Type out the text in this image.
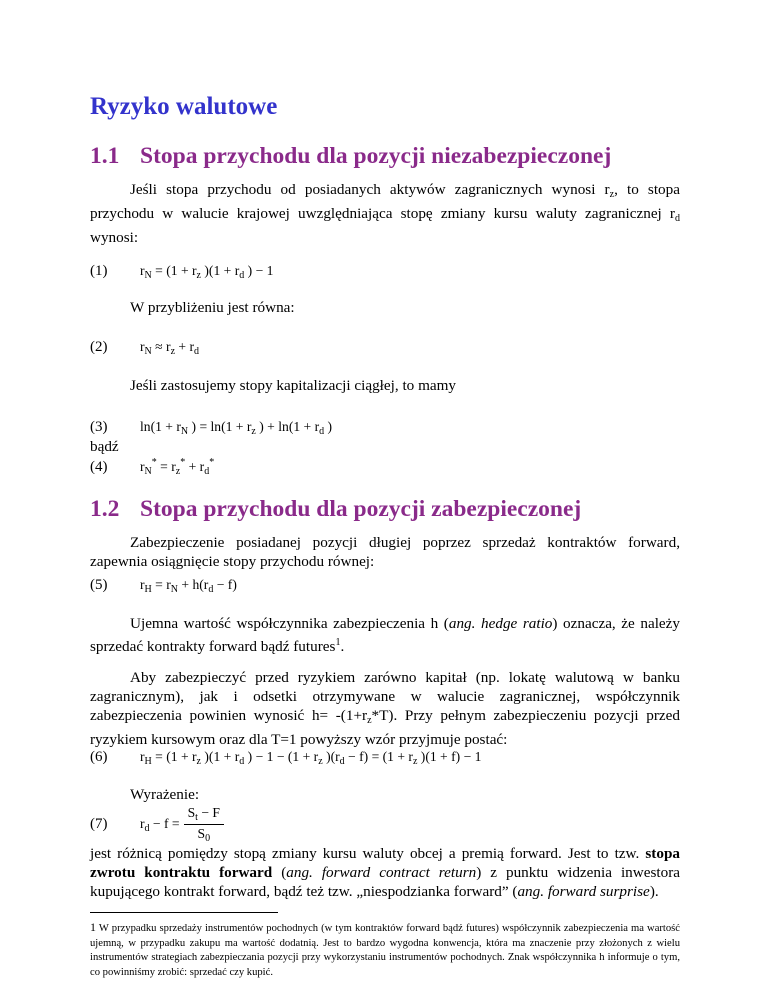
Ryzyko walutowe
1.1 Stopa przychodu dla pozycji niezabezpieczonej

Jeśli stopa przychodu od posiadanych aktywów zagranicznych wynosi $r_z$, to stopa przychodu w walucie krajowej uwzględniająca stopę zmiany kursu waluty zagranicznej $r_d$ wynosi:

(1) $r_N = (1 + r_z$ )($1 + r_d$ ) − 1
W przybliżeniu jest równa:
(2) $r_N \approx r_z + r_d$
Jeśli zastosujemy stopy kapitalizacji ciągłej, to mamy
(3) $\ln(1 + r_N$ ) = $\ln(1 + r_z$ ) + $\ln(1 + r_d$ )
bądź
(4) $r_N^* = r_z^* + r_d^*$
1.2 Stopa przychodu dla pozycji zabezpieczonej

Zabezpieczenie posiadanej pozycji długiej poprzez sprzedaż kontraktów forward, zapewnia osiągnięcie stopy przychodu równej:

(5) $r_H = r_N + h(r_d - f)$

Ujemna wartość współczynnika zabezpieczenia h (ang. hedge ratio) oznacza, że należy sprzedać kontrakty forward bądź futures$^1$.

Aby zabezpieczyć przed ryzykiem zarówno kapitał (np. lokatę walutową w banku zagranicznym), jak i odsetki otrzymywane w walucie zagranicznej, współczynnik zabezpieczenia powinien wynosić $h= -(1+r_z*T)$. Przy pełnym zabezpieczeniu pozycji przed ryzykiem kursowym oraz dla T=1 powyższy wzór przyjmuje postać:

(6) $r_H = (1 + r_z$ )($1 + r_d$ ) − $1 - (1 + r_z$ )$(r_d - f) = (1 + r_z$ )(1 + f) − 1
Wyrażenie:
(7)	$r_d - f = \frac{S_t - F}{S_0}$

jest różnicą pomiędzy stopą zmiany kursu waluty obcej a premią forward. Jest to tzw. stopa zwrotu kontraktu forward (ang. forward contract return) z punktu widzenia inwestora kupującego kontrakt forward, bądź też tzw. „niespodzianka forward” (ang. forward surprise).

1 W przypadku sprzedaży instrumentów pochodnych (w tym kontraktów forward bądź futures) współczynnik zabezpieczenia ma wartość ujemną, w przypadku zakupu ma wartość dodatnią. Jest to bardzo wygodna konwencja, która ma znaczenie przy złożonych z wielu instrumentów strategiach zabezpieczania pozycji przy wykorzystaniu instrumentów pochodnych. Znak współczynnika h informuje o tym, co powinniśmy zrobić: sprzedać czy kupić.
